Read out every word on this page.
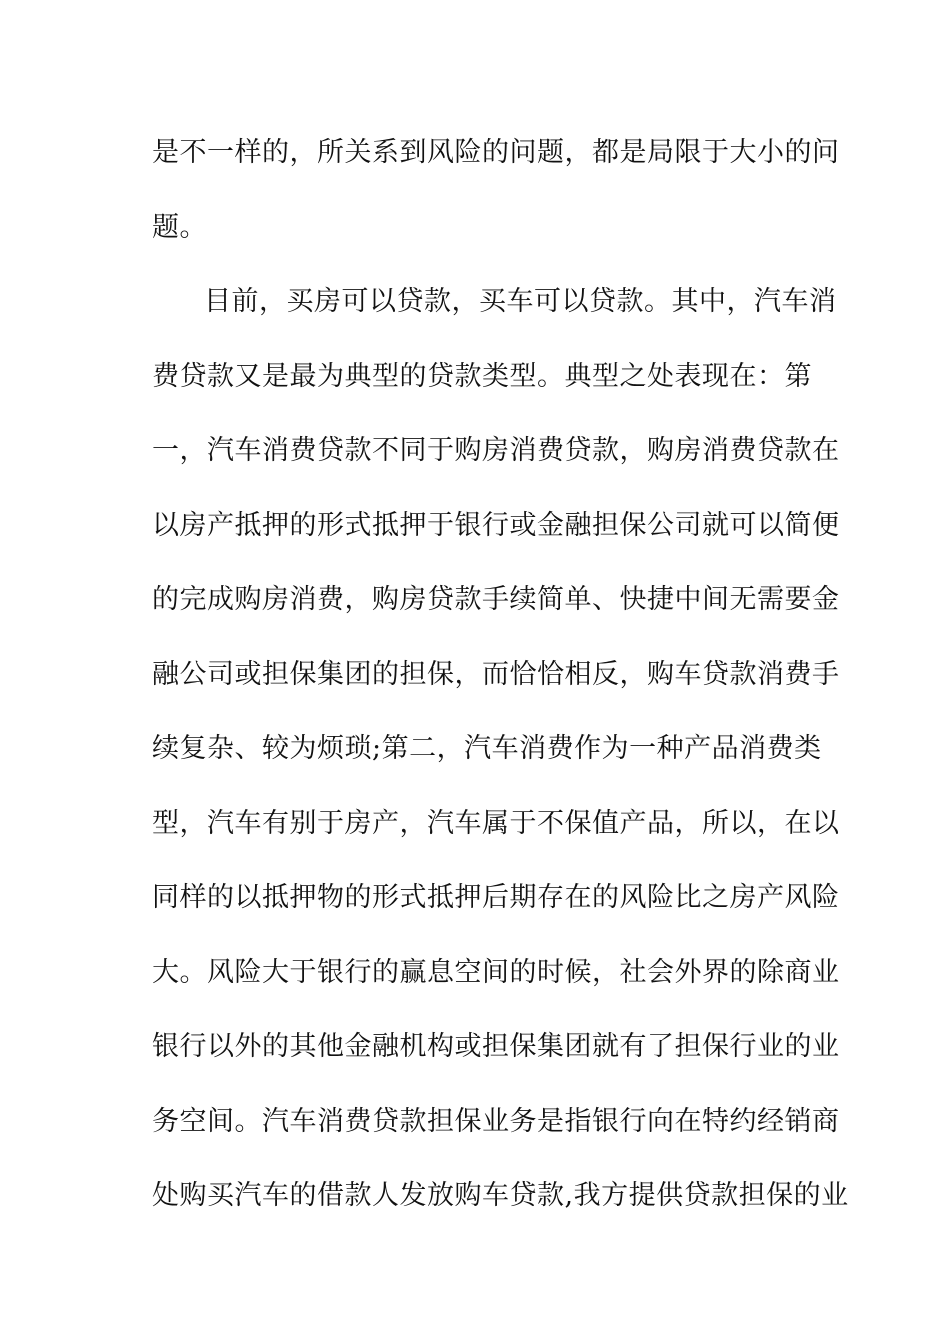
是不一样的，所关系到风险的问题，都是局限于大小的问
题。
目前，买房可以贷款，买车可以贷款。其中，汽车消
费贷款又是最为典型的贷款类型。典型之处表现在：第
一，汽车消费贷款不同于购房消费贷款，购房消费贷款在
以房产抵押的形式抵押于银行或金融担保公司就可以简便
的完成购房消费，购房贷款手续简单、快捷中间无需要金
融公司或担保集团的担保，而恰恰相反，购车贷款消费手
续复杂、较为烦琐;第二，汽车消费作为一种产品消费类
型，汽车有别于房产，汽车属于不保值产品，所以，在以
同样的以抵押物的形式抵押后期存在的风险比之房产风险
大。风险大于银行的赢息空间的时候，社会外界的除商业
银行以外的其他金融机构或担保集团就有了担保行业的业
务空间。汽车消费贷款担保业务是指银行向在特约经销商
处购买汽车的借款人发放购车贷款,我方提供贷款担保的业
